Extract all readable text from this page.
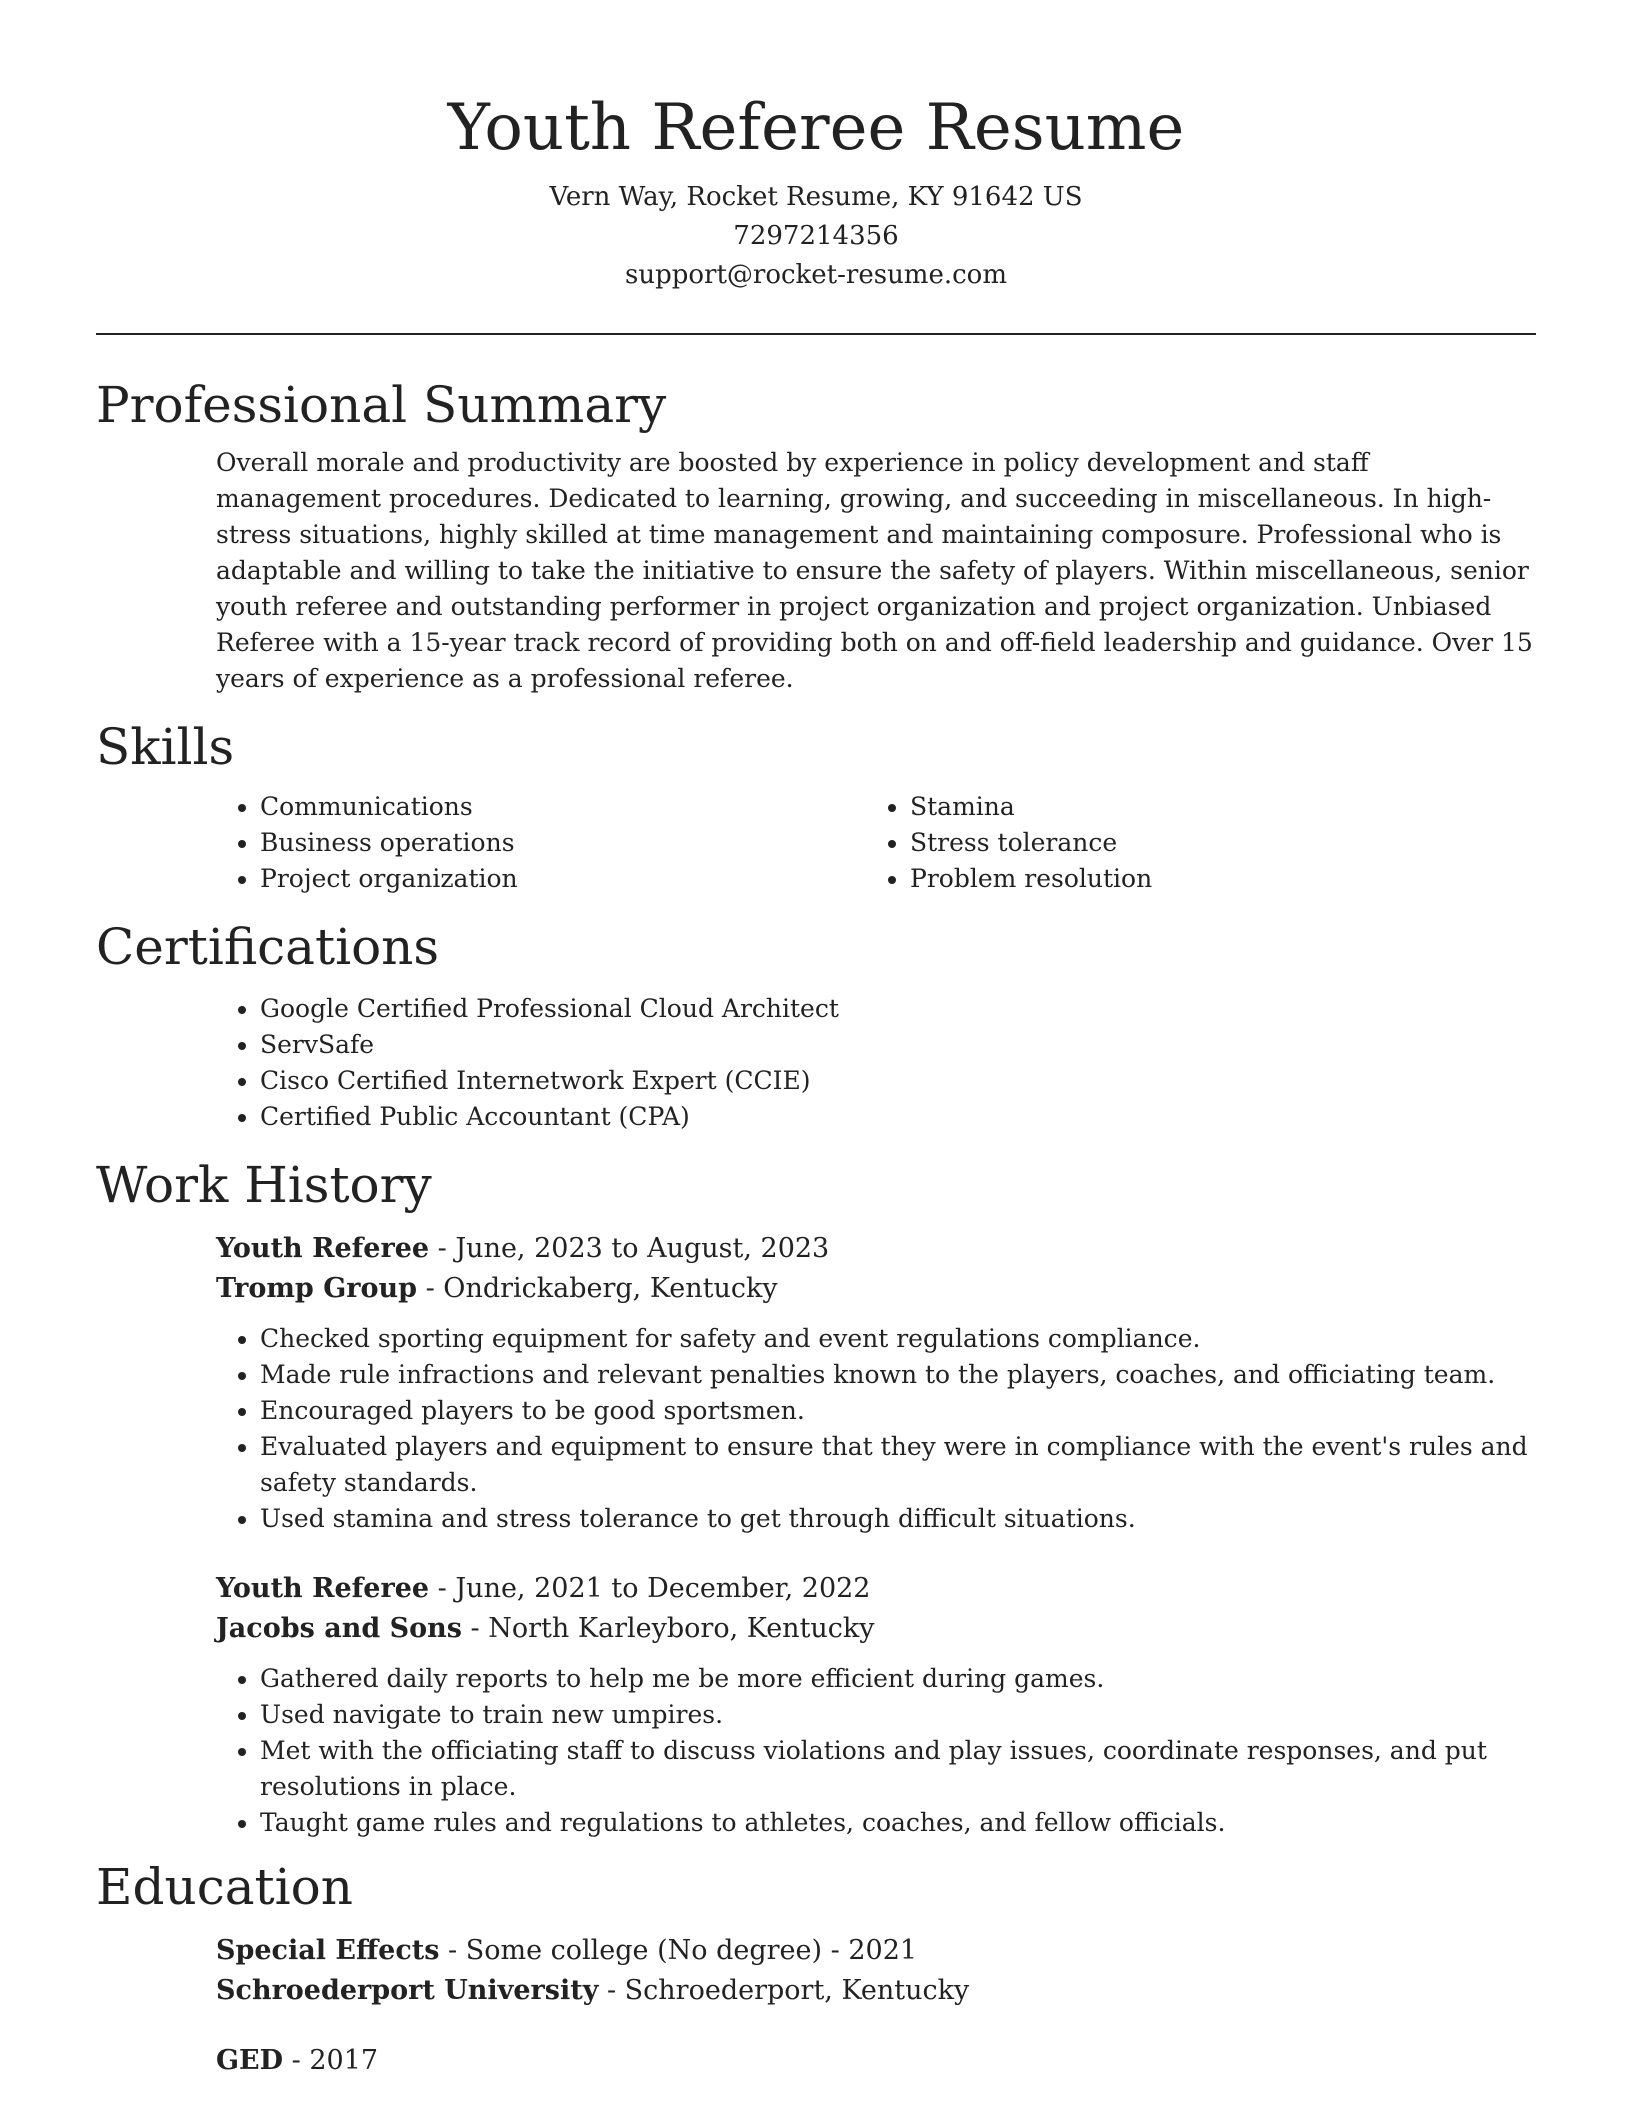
Youth Referee Resume
Vern Way, Rocket Resume, KY 91642 US
7297214356
support@rocket-resume.com
Professional Summary
Overall morale and productivity are boosted by experience in policy development and staff management procedures. Dedicated to learning, growing, and succeeding in miscellaneous. In high-stress situations, highly skilled at time management and maintaining composure. Professional who is adaptable and willing to take the initiative to ensure the safety of players. Within miscellaneous, senior youth referee and outstanding performer in project organization and project organization. Unbiased Referee with a 15-year track record of providing both on and off-field leadership and guidance. Over 15 years of experience as a professional referee.
Skills
• Communications
• Business operations
• Project organization
• Stamina
• Stress tolerance
• Problem resolution
Certifications
• Google Certified Professional Cloud Architect
• ServSafe
• Cisco Certified Internetwork Expert (CCIE)
• Certified Public Accountant (CPA)
Work History
Youth Referee - June, 2023 to August, 2023
Tromp Group - Ondrickaberg, Kentucky
• Checked sporting equipment for safety and event regulations compliance.
• Made rule infractions and relevant penalties known to the players, coaches, and officiating team.
• Encouraged players to be good sportsmen.
• Evaluated players and equipment to ensure that they were in compliance with the event's rules and safety standards.
• Used stamina and stress tolerance to get through difficult situations.
Youth Referee - June, 2021 to December, 2022
Jacobs and Sons - North Karleyboro, Kentucky
• Gathered daily reports to help me be more efficient during games.
• Used navigate to train new umpires.
• Met with the officiating staff to discuss violations and play issues, coordinate responses, and put resolutions in place.
• Taught game rules and regulations to athletes, coaches, and fellow officials.
Education
Special Effects - Some college (No degree) - 2021
Schroederport University - Schroederport, Kentucky
GED - 2017
